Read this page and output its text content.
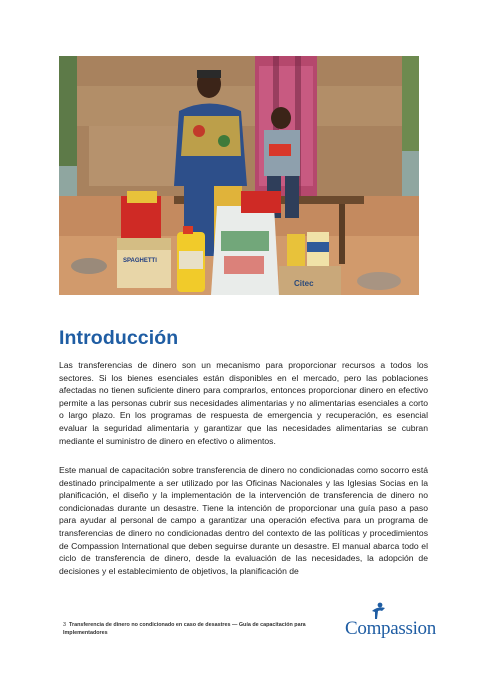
SPAGHETTI
Citec
Introducción

Las transferencias de dinero son un mecanismo para proporcionar recursos a todos los sectores. Si los bienes esenciales están disponibles en el mercado, pero las poblaciones afectadas no tienen suficiente dinero para comprarlos, entonces proporcionar dinero en efectivo permite a las personas cubrir sus necesidades alimentarias y no alimentarias esenciales a corto o largo plazo. En los programas de respuesta de emergencia y recuperación, es esencial evaluar la seguridad alimentaria y garantizar que las necesidades alimentarias se cubran mediante el suministro de dinero en efectivo o alimentos.

Este manual de capacitación sobre transferencia de dinero no condicionadas como socorro está destinado principalmente a ser utilizado por las Oficinas Nacionales y las Iglesias Socias en la planificación, el diseño y la implementación de la intervención de transferencia de dinero no condicionadas durante un desastre. Tiene la intención de proporcionar una guía paso a paso para ayudar al personal de campo a garantizar una operación efectiva para un programa de transferencias de dinero no condicionadas dentro del contexto de las políticas y procedimientos de Compassion International que deben seguirse durante un desastre. El manual abarca todo el ciclo de transferencia de dinero, desde la evaluación de las necesidades, la adopción de decisiones y el establecimiento de objetivos, la planificación de

3 Transferencia de dinero no condicionado en caso de desastres — Guía de capacitación para Implementadores	Compassion
